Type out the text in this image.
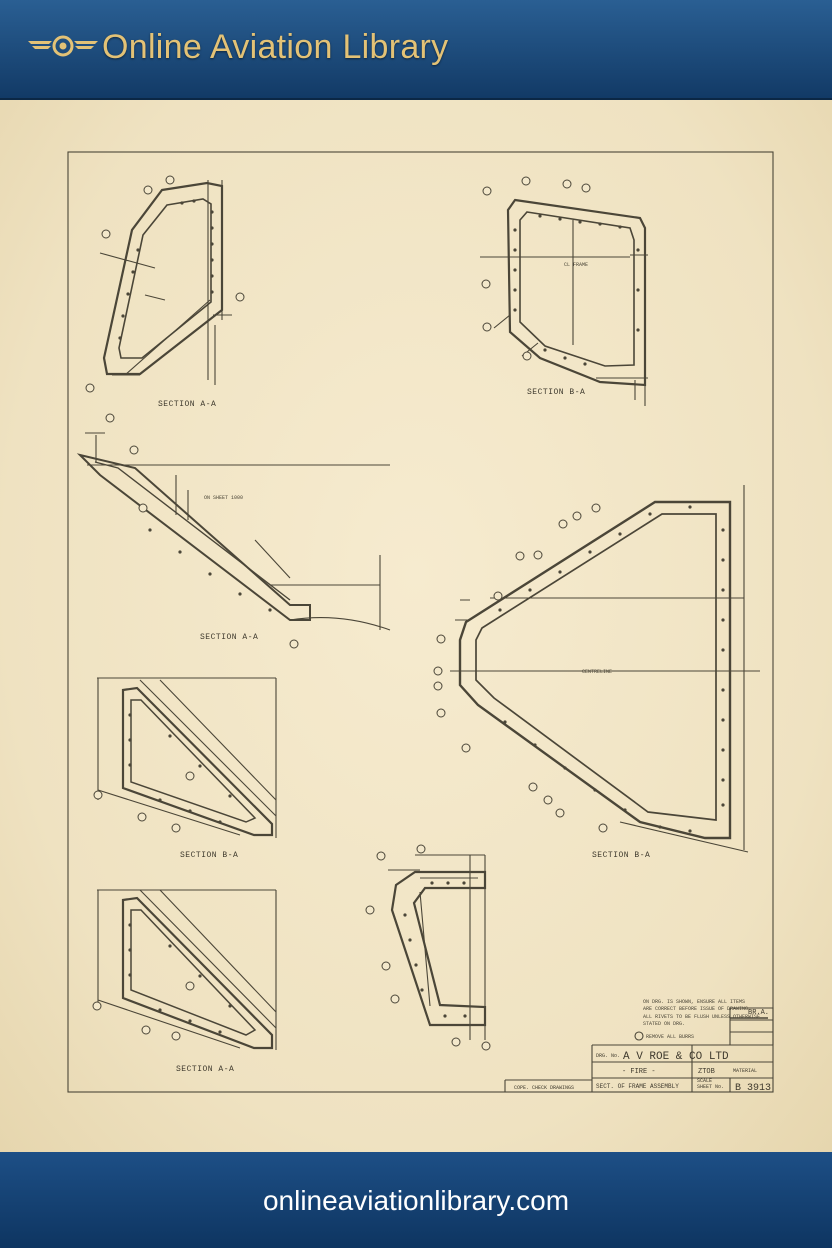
Online Aviation Library
SECTION A-A
SECTION B-A
SECTION A-A
SECTION B-A
SECTION B-A
SECTION A-A
ON SHEET 1000
CL FRAME
CENTRELINE
ON DRG. IS SHOWN, ENSURE ALL ITEMS
ARE CORRECT BEFORE ISSUE OF DRAWING.
ALL RIVETS TO BE FLUSH UNLESS OTHERWISE
STATED ON DRG.
REMOVE ALL BURRS
BR.A.
DRG. No. A V ROE & CO LTD
- FIRE -
SECT. OF FRAME ASSEMBLY
ZTOB
SHEET No. B 3913
MATERIAL
SCALE
COPE. CHECK DRAWINGS
onlineaviationlibrary.com
